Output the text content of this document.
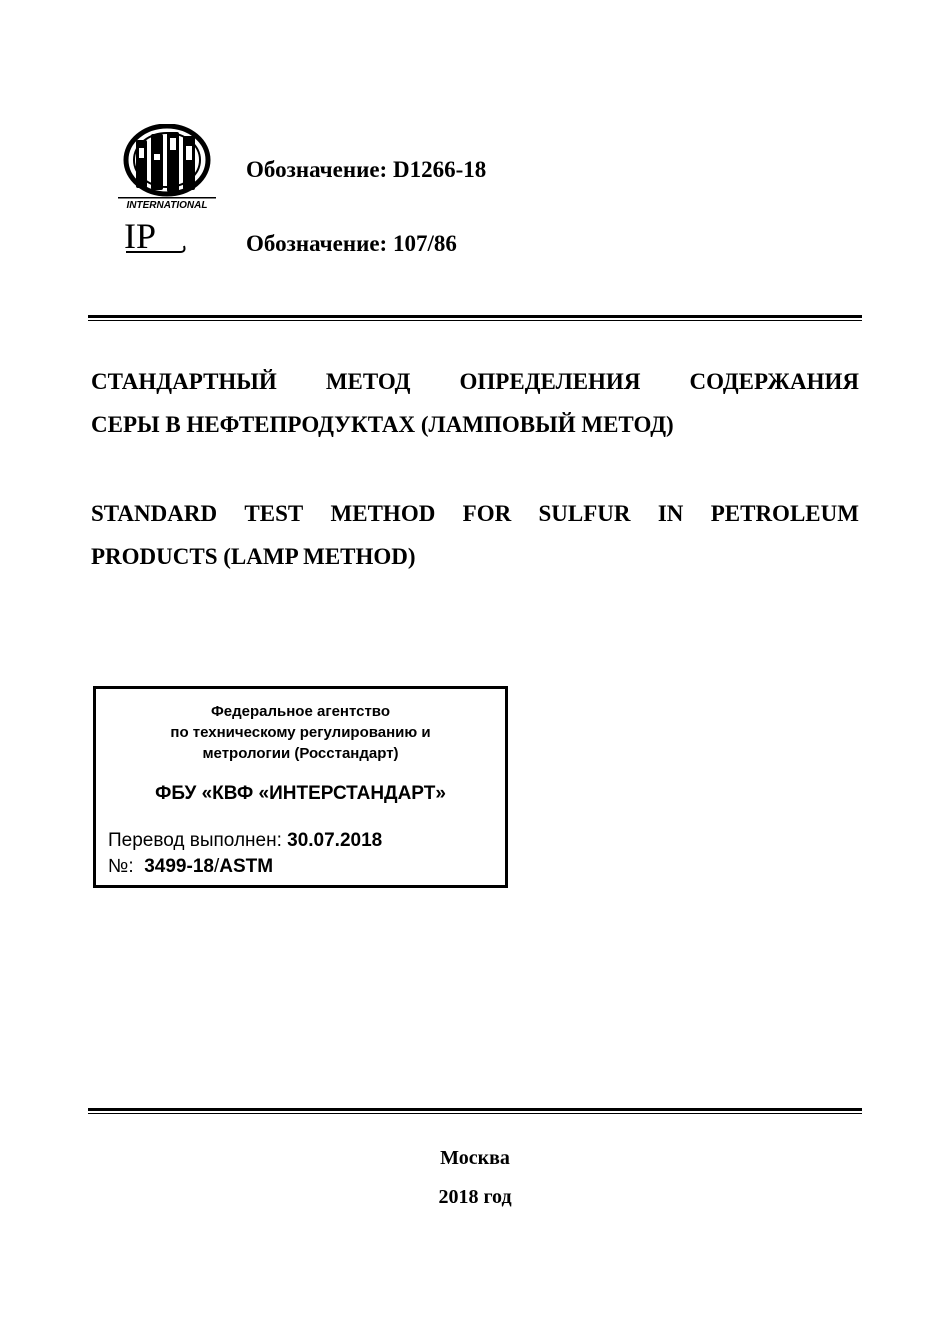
INTERNATIONAL
I P
Обозначение: D1266-18
Обозначение: 107/86
СТАНДАРТНЫЙ МЕТОД ОПРЕДЕЛЕНИЯ СОДЕРЖАНИЯ
СЕРЫ В НЕФТЕПРОДУКТАХ (ЛАМПОВЫЙ МЕТОД)
STANDARD TEST METHOD FOR SULFUR IN PETROLEUM
PRODUCTS (LAMP METHOD)
Федеральное агентство
по техническому регулированию и
метрологии (Росстандарт)
ФБУ «КВФ «ИНТЕРСТАНДАРТ»
Перевод выполнен: 30.07.2018
№:  3499-18/ASTM
Москва
2018 год
